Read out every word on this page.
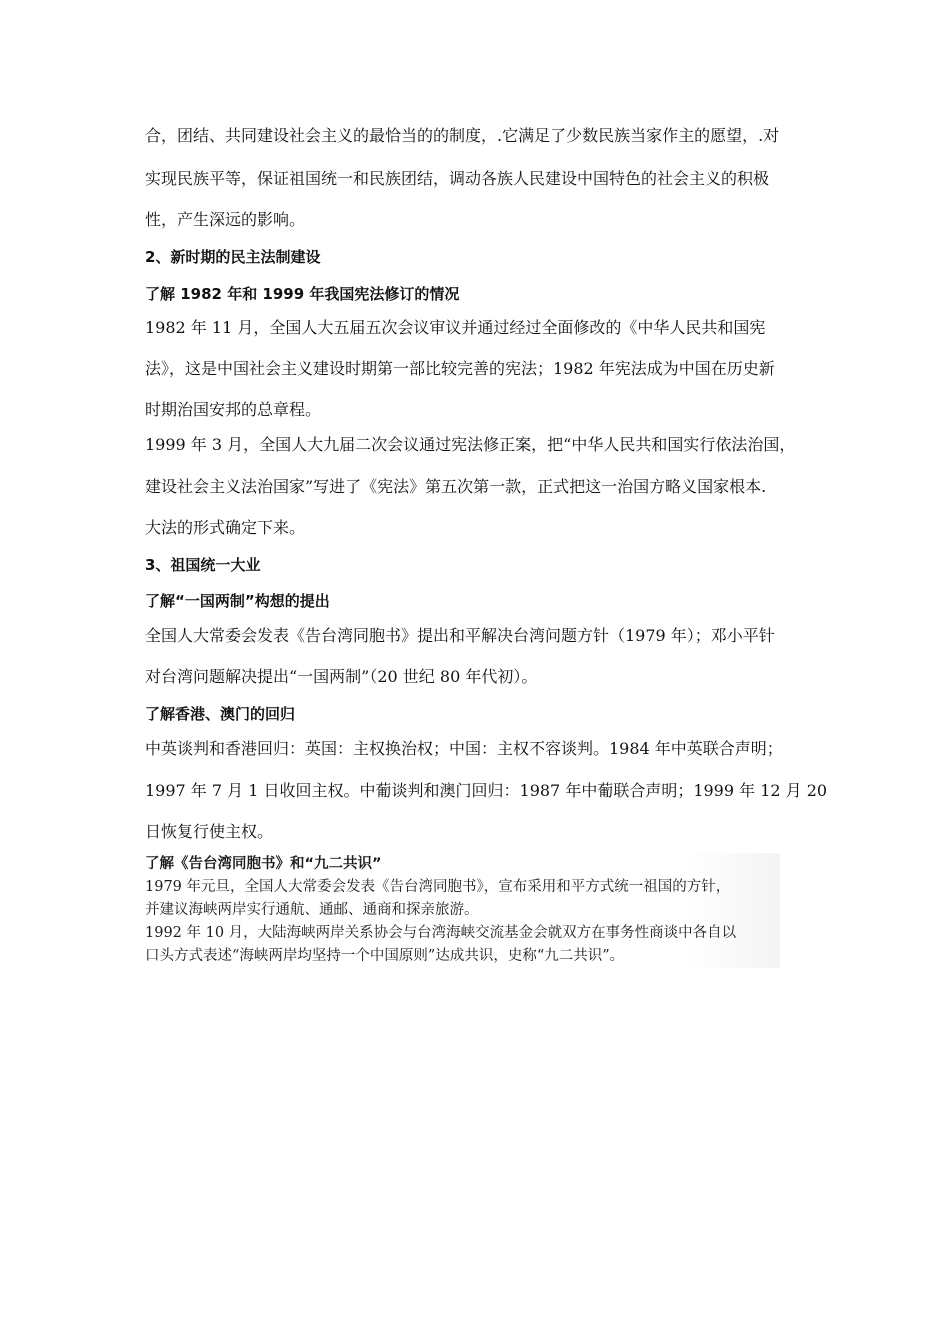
合，团结、共同建设社会主义的最恰当的的制度，.它满足了少数民族当家作主的愿望，.对
实现民族平等，保证祖国统一和民族团结，调动各族人民建设中国特色的社会主义的积极
性，产生深远的影响。
2、新时期的民主法制建设
了解 1982 年和 1999 年我国宪法修订的情况
1982 年 11 月，全国人大五届五次会议审议并通过经过全面修改的《中华人民共和国宪
法》，这是中国社会主义建设时期第一部比较完善的宪法；1982 年宪法成为中国在历史新
时期治国安邦的总章程。
1999 年 3 月，全国人大九届二次会议通过宪法修正案，把“中华人民共和国实行依法治国，
建设社会主义法治国家”写进了《宪法》第五次第一款，正式把这一治国方略义国家根本.
大法的形式确定下来。
3、祖国统一大业
了解“一国两制”构想的提出
全国人大常委会发表《告台湾同胞书》提出和平解决台湾问题方针（1979 年）；邓小平针
对台湾问题解决提出“一国两制”（20 世纪 80 年代初）。
了解香港、澳门的回归
中英谈判和香港回归：英国：主权换治权；中国：主权不容谈判。1984 年中英联合声明；
1997 年 7 月 1 日收回主权。中葡谈判和澳门回归：1987 年中葡联合声明；1999 年 12 月 20
日恢复行使主权。
了解《告台湾同胞书》和“九二共识”
1979 年元旦，全国人大常委会发表《告台湾同胞书》，宣布采用和平方式统一祖国的方针，
并建议海峡两岸实行通航、通邮、通商和探亲旅游。
1992 年 10 月，大陆海峡两岸关系协会与台湾海峡交流基金会就双方在事务性商谈中各自以
口头方式表述“海峡两岸均坚持一个中国原则”达成共识，史称“九二共识”。
